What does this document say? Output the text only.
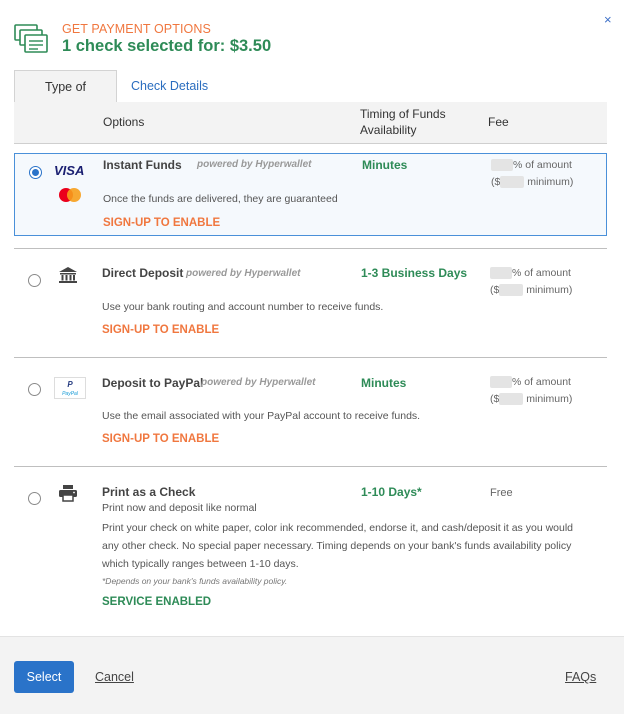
GET PAYMENT OPTIONS
1 check selected for: $3.50
×
Type of	Check Details
Options
Timing of Funds Availability
Fee
VISA Instant Funds powered by Hyperwallet
Once the funds are delivered, they are guaranteed
SIGN-UP TO ENABLE
Minutes	% of amount
($	minimum)
Direct Deposit powered by Hyperwallet
Use your bank routing and account number to receive funds.
SIGN-UP TO ENABLE
1-3 Business Days	% of amount
($	minimum)
P
PayPal
Deposit to PayPal
powered by Hyperwallet
Use the email associated with your PayPal account to receive funds.
SIGN-UP TO ENABLE
Minutes	% of amount
($	minimum)
Print as a Check
Print now and deposit like normal
Print your check on white paper, color ink recommended, endorse it, and cash/deposit it as you would
any other check. No special paper necessary. Timing depends on your bank's funds availability policy
which typically ranges between 1-10 days.
*Depends on your bank's funds availability policy.
SERVICE ENABLED
1-10 Days*	Free
Select	Cancel	FAQs
